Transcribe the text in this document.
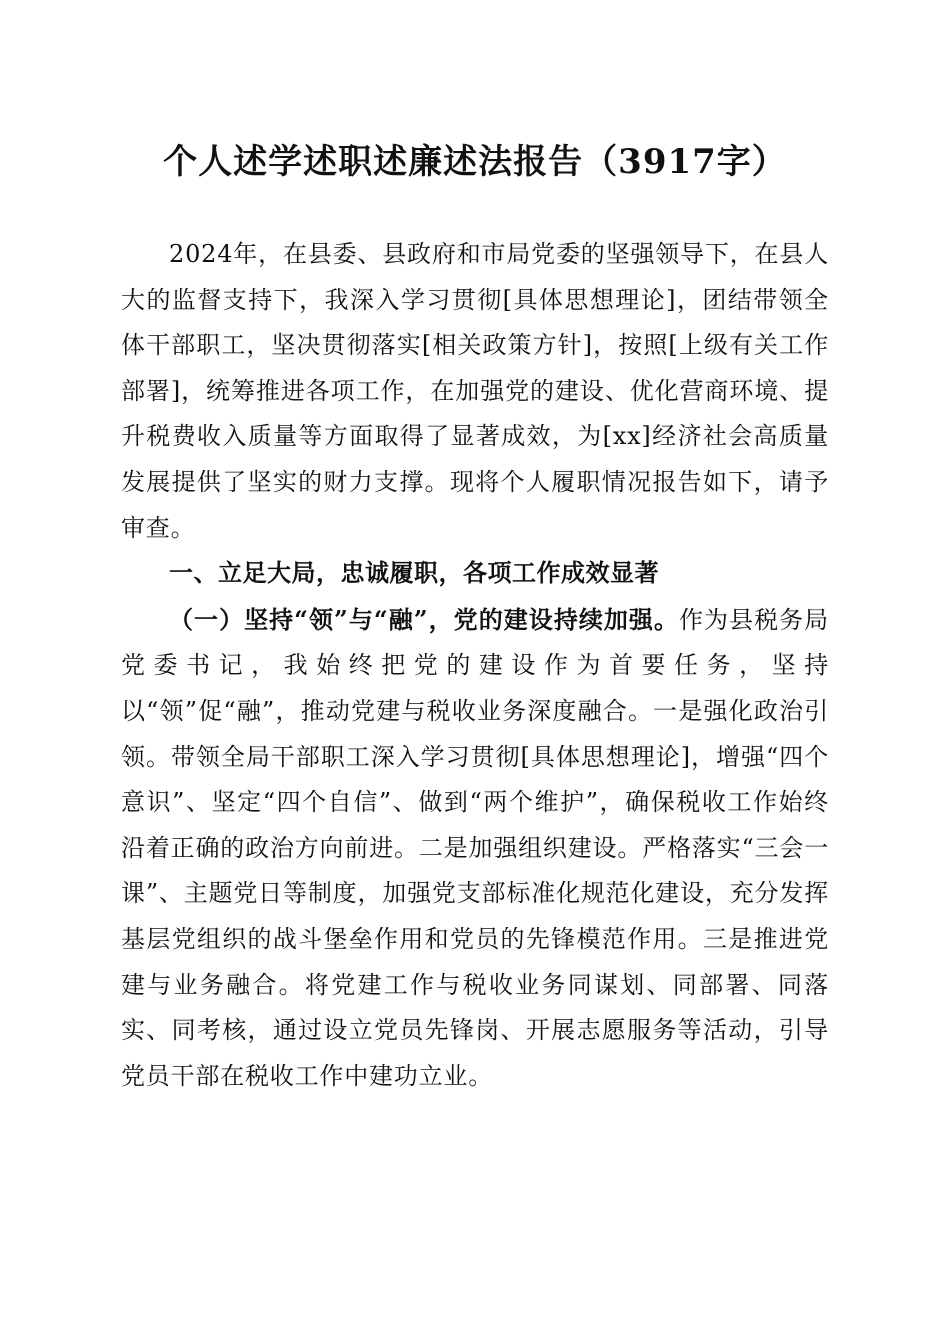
个人述学述职述廉述法报告（3917字）

2024年，在县委、县政府和市局党委的坚强领导下，在县人大的监督支持下，我深入学习贯彻[具体思想理论]，团结带领全体干部职工，坚决贯彻落实[相关政策方针]，按照[上级有关工作部署]，统筹推进各项工作，在加强党的建设、优化营商环境、提升税费收入质量等方面取得了显著成效，为[xx]经济社会高质量发展提供了坚实的财力支撑。现将个人履职情况报告如下，请予审查。

一、立足大局，忠诚履职，各项工作成效显著

（一）坚持“领”与“融”，党的建设持续加强。作为县税务局党委书记，我始终把党的建设作为首要任务，坚持以“领”促“融”，推动党建与税收业务深度融合。一是强化政治引领。带领全局干部职工深入学习贯彻[具体思想理论]，增强“四个意识”、坚定“四个自信”、做到“两个维护”，确保税收工作始终沿着正确的政治方向前进。二是加强组织建设。严格落实“三会一课”、主题党日等制度，加强党支部标准化规范化建设，充分发挥基层党组织的战斗堡垒作用和党员的先锋模范作用。三是推进党建与业务融合。将党建工作与税收业务同谋划、同部署、同落实、同考核，通过设立党员先锋岗、开展志愿服务等活动，引导党员干部在税收工作中建功立业。
